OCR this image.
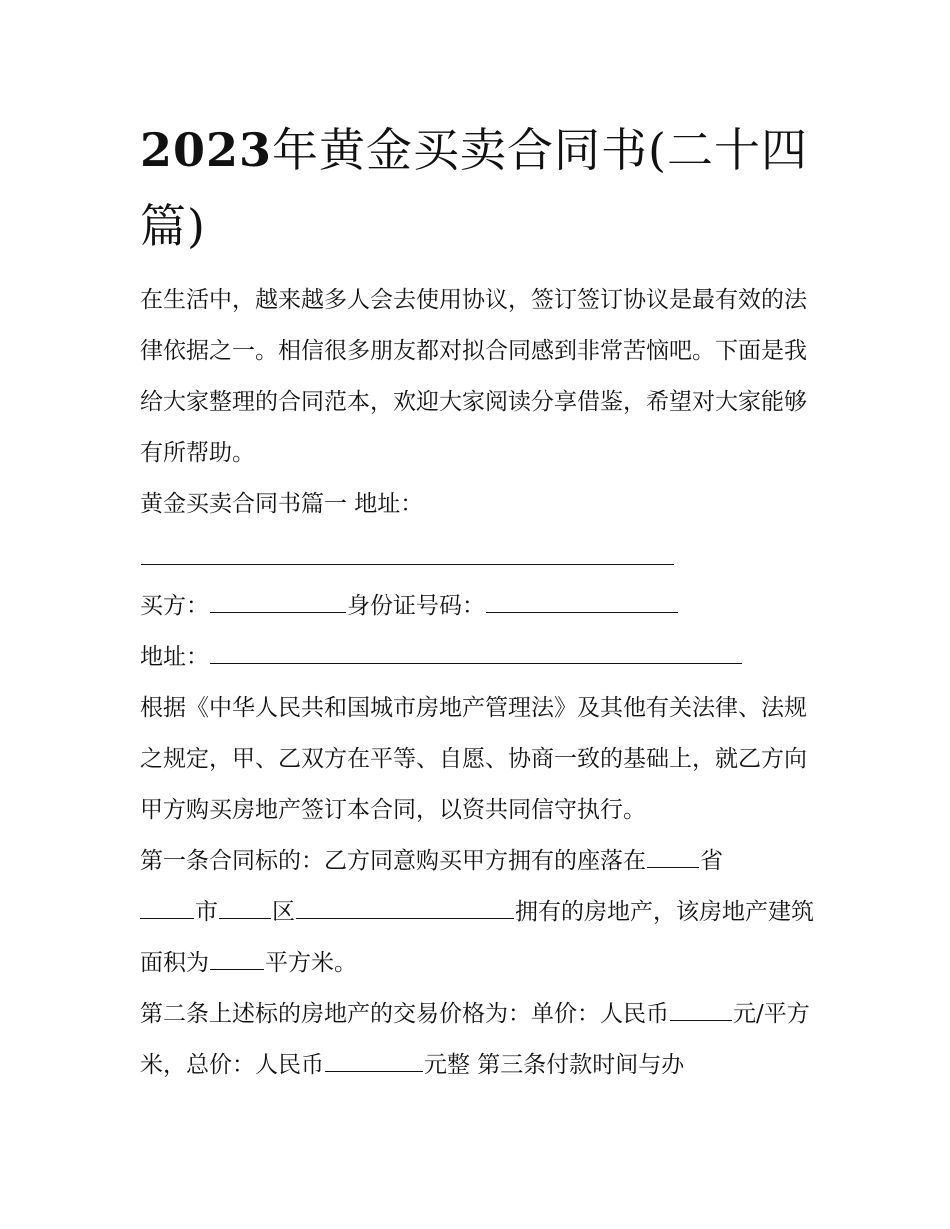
2023年黄金买卖合同书(二十四篇)

在生活中，越来越多人会去使用协议，签订签订协议是最有效的法律依据之一。相信很多朋友都对拟合同感到非常苦恼吧。下面是我给大家整理的合同范本，欢迎大家阅读分享借鉴，希望对大家能够有所帮助。

黄金买卖合同书篇一 地址：

买方：	身份证号码：

地址：

根据《中华人民共和国城市房地产管理法》及其他有关法律、法规之规定，甲、乙双方在平等、自愿、协商一致的基础上，就乙方向甲方购买房地产签订本合同，以资共同信守执行。

第一条合同标的：乙方同意购买甲方拥有的座落在 省
市 区	拥有的房地产，该房地产建筑面积为 平方米。

第二条上述标的房地产的交易价格为：单价：人民币	元/平方米，总价：人民币	元整 第三条付款时间与办
